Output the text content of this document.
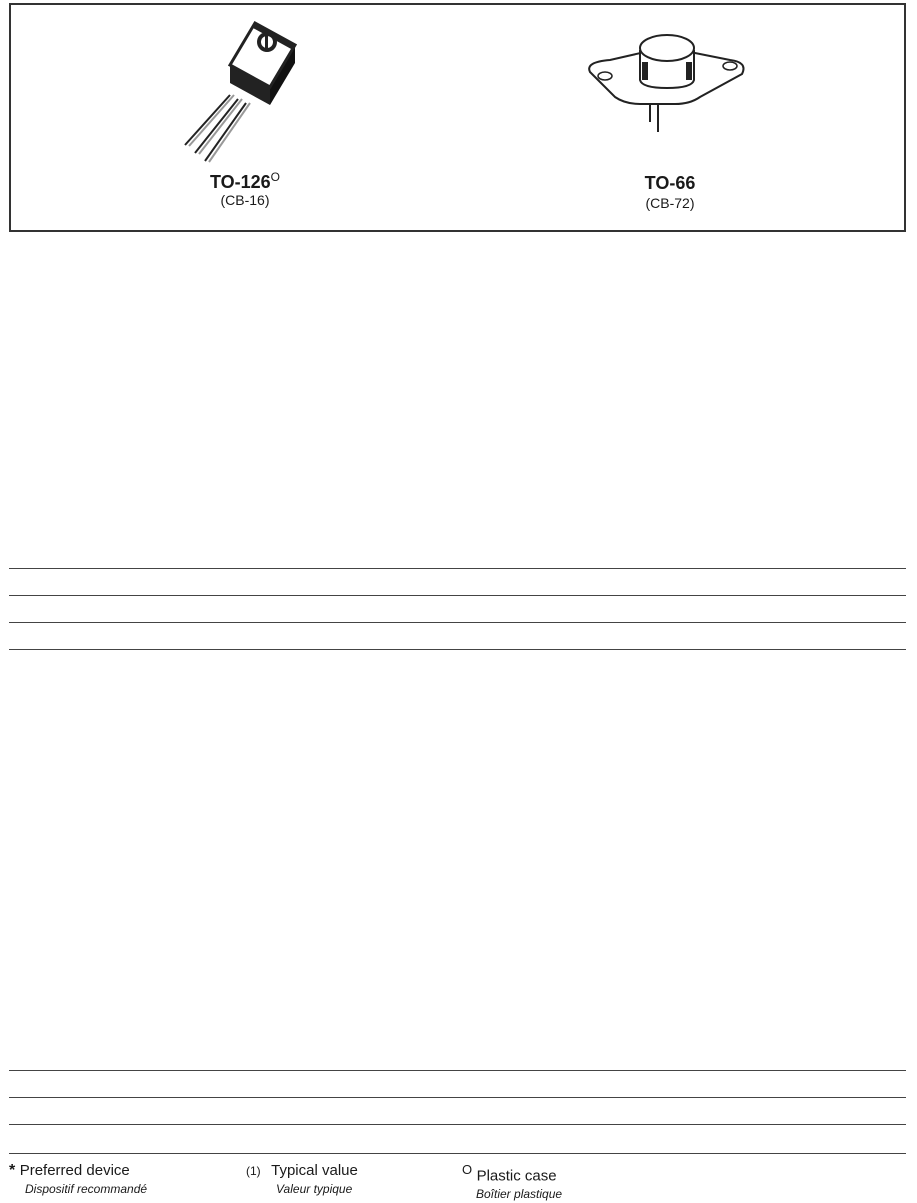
$TO-126^O$
(CB-16)
TO-66
(CB-72)
* Preferred device
Dispositif recommandé
(1) Typical value
Valeur typique
$^O$ Plastic case
Boîtier plastique
